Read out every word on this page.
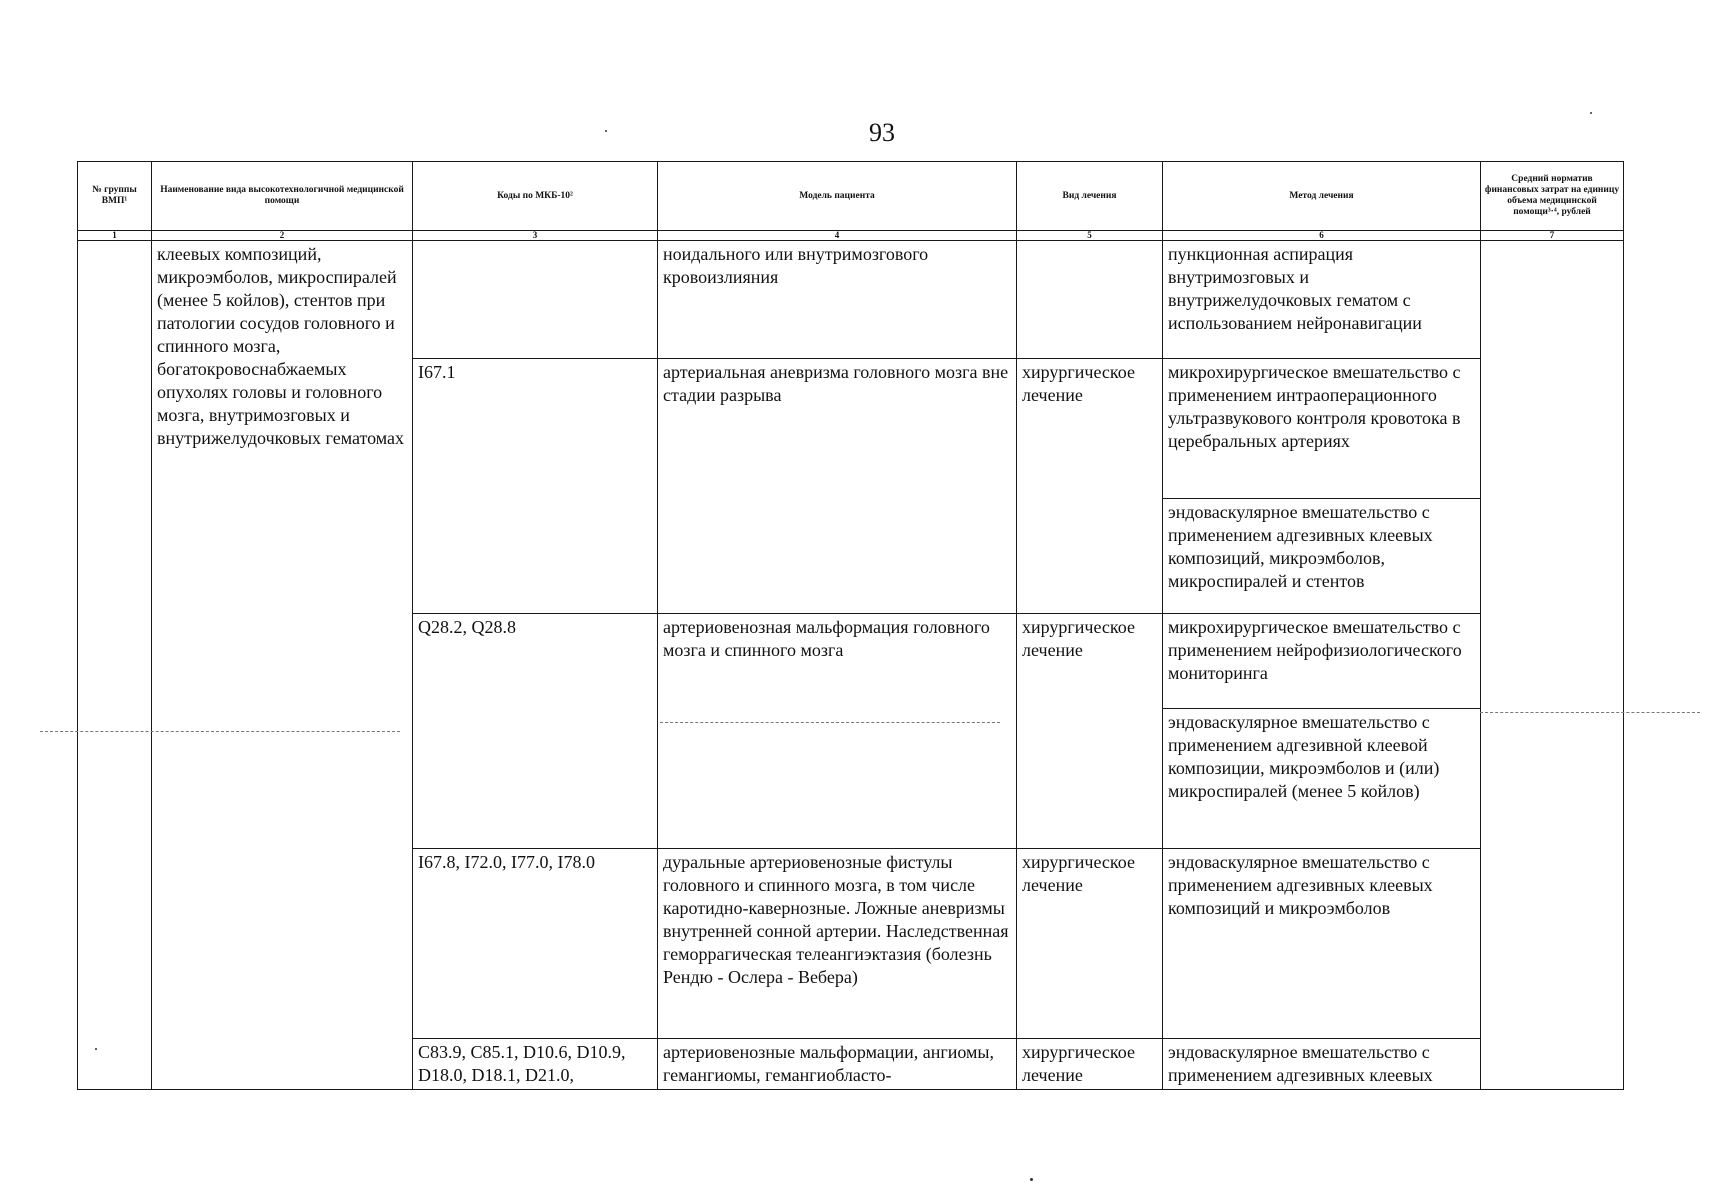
93
№ группы ВМП¹	Наименование вида высокотехнологичной медицинской помощи	Коды по МКБ-10²	Модель пациента	Вид лечения	Метод лечения	Средний норматив финансовых затрат на единицу объема медицинской помощи³·⁴, рублей
1	2	3	4	5	6	7

	клеевых композиций, микроэмболов, микроспиралей (менее 5 койлов), стентов при патологии сосудов головного и спинного мозга, богатокровоснабжаемых опухолях головы и головного мозга, внутримозговых и внутрижелудочковых гематомах		ноидального или внутримозгового кровоизлияния		пункционная аспирация внутримозговых и внутрижелудочковых гематом с использованием нейронавигации	
		I67.1	артериальная аневризма головного мозга вне стадии разрыва	хирургическое лечение	микрохирургическое вмешательство с применением интраоперационного ультразвукового контроля кровотока в церебральных артериях	
					эндоваскулярное вмешательство с применением адгезивных клеевых композиций, микроэмболов, микроспиралей и стентов	
		Q28.2, Q28.8	артериовенозная мальформация головного мозга и спинного мозга	хирургическое лечение	микрохирургическое вмешательство с применением нейрофизиологического мониторинга	
					эндоваскулярное вмешательство с применением адгезивной клеевой композиции, микроэмболов и (или) микроспиралей (менее 5 койлов)	
		I67.8, I72.0, I77.0, I78.0	дуральные артериовенозные фистулы головного и спинного мозга, в том числе каротидно-кавернозные. Ложные аневризмы внутренней сонной артерии. Наследственная геморрагическая телеангиэктазия (болезнь Рендю - Ослера - Вебера)	хирургическое лечение	эндоваскулярное вмешательство с применением адгезивных клеевых композиций и микроэмболов	
		C83.9, C85.1, D10.6, D10.9, D18.0, D18.1, D21.0,	артериовенозные мальформации, ангиомы, гемангиомы, гемангиобласто-	хирургическое лечение	эндоваскулярное вмешательство с применением адгезивных клеевых	
